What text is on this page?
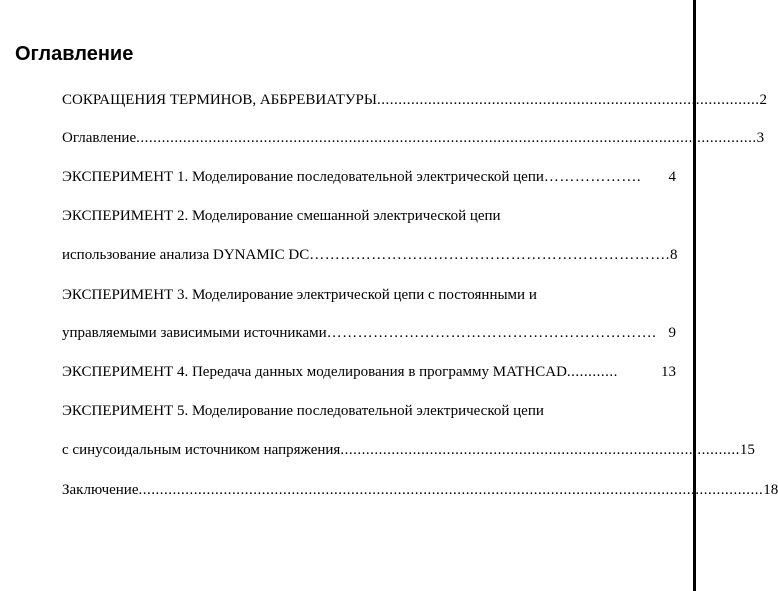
Оглавление
СОКРАЩЕНИЯ ТЕРМИНОВ, АББРЕВИАТУРЫ .......................................................................................... 2
Оглавление .................................................................................................................................................. 3
ЭКСПЕРИМЕНТ 1. Моделирование последовательной электрической цепи ……………….	4
ЭКСПЕРИМЕНТ 2. Моделирование смешанной электрической цепи
использование анализа DYNAMIC DC ……………………………………………………………. 8
ЭКСПЕРИМЕНТ 3. Моделирование электрической цепи с постоянными и
управляемыми зависимыми источниками ………………………………………………………. 9
ЭКСПЕРИМЕНТ 4. Передача данных моделирования в программу MATHCAD ............	13
ЭКСПЕРИМЕНТ 5. Моделирование последовательной электрической цепи
с синусоидальным источником напряжения .............................................................................................. 15
Заключение ................................................................................................................................................... 18
